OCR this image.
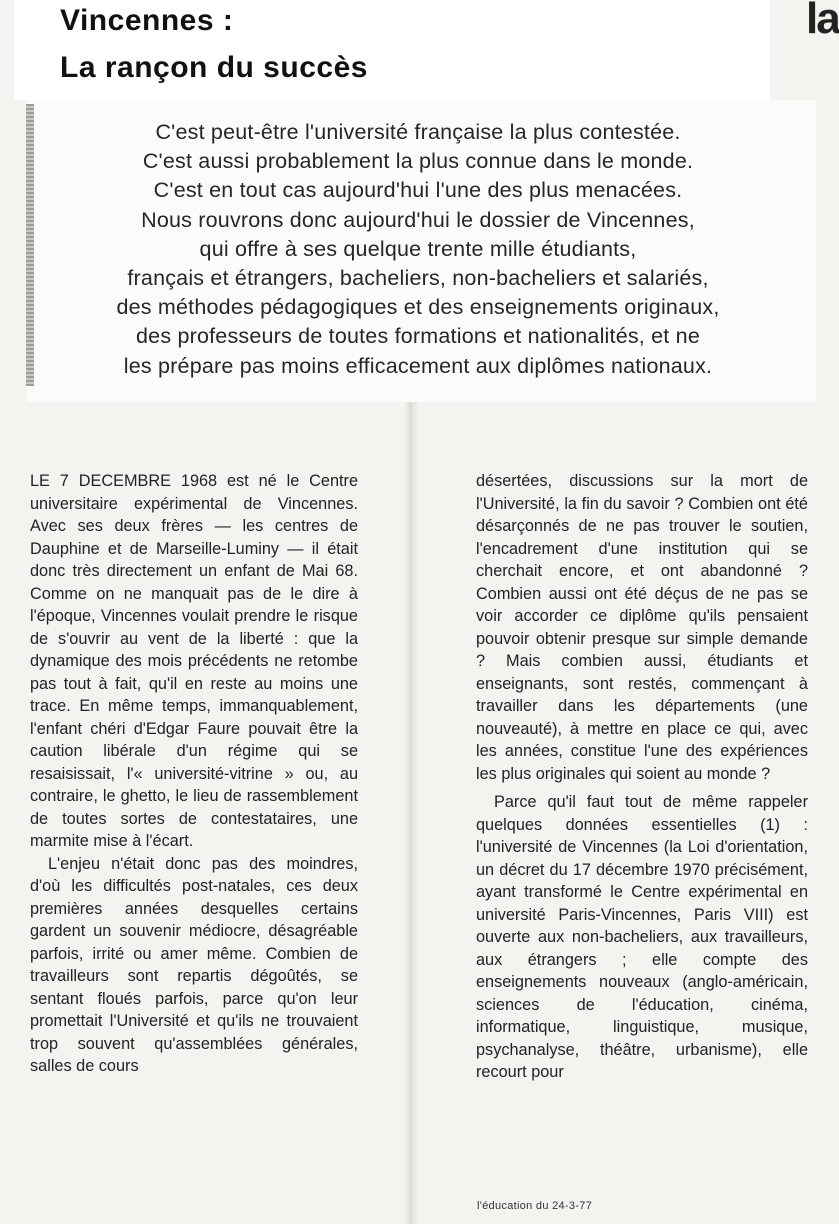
Vincennes :
La rançon du succès
la
C'est peut-être l'université française la plus contestée.
C'est aussi probablement la plus connue dans le monde.
C'est en tout cas aujourd'hui l'une des plus menacées.
Nous rouvrons donc aujourd'hui le dossier de Vincennes,
qui offre à ses quelque trente mille étudiants,
français et étrangers, bacheliers, non-bacheliers et salariés,
des méthodes pédagogiques et des enseignements originaux,
des professeurs de toutes formations et nationalités, et ne
les prépare pas moins efficacement aux diplômes nationaux.

LE 7 DECEMBRE 1968 est né le Centre universitaire expérimental de Vincennes. Avec ses deux frères — les centres de Dauphine et de Marseille-Luminy — il était donc très directement un enfant de Mai 68. Comme on ne manquait pas de le dire à l'époque, Vincennes voulait prendre le risque de s'ouvrir au vent de la liberté : que la dynamique des mois précédents ne retombe pas tout à fait, qu'il en reste au moins une trace. En même temps, immanquablement, l'enfant chéri d'Edgar Faure pouvait être la caution libérale d'un régime qui se resaisissait, l'« université-vitrine » ou, au contraire, le ghetto, le lieu de rassemblement de toutes sortes de contestataires, une marmite mise à l'écart.

L'enjeu n'était donc pas des moindres, d'où les difficultés post-natales, ces deux premières années desquelles certains gardent un souvenir médiocre, désagréable parfois, irrité ou amer même. Combien de travailleurs sont repartis dégoûtés, se sentant floués parfois, parce qu'on leur promettait l'Université et qu'ils ne trouvaient trop souvent qu'assemblées générales, salles de cours

désertées, discussions sur la mort de l'Université, la fin du savoir ? Combien ont été désarçonnés de ne pas trouver le soutien, l'encadrement d'une institution qui se cherchait encore, et ont abandonné ? Combien aussi ont été déçus de ne pas se voir accorder ce diplôme qu'ils pensaient pouvoir obtenir presque sur simple demande ? Mais combien aussi, étudiants et enseignants, sont restés, commençant à travailler dans les départements (une nouveauté), à mettre en place ce qui, avec les années, constitue l'une des expériences les plus originales qui soient au monde ?

Parce qu'il faut tout de même rappeler quelques données essentielles (1) : l'université de Vincennes (la Loi d'orientation, un décret du 17 décembre 1970 précisément, ayant transformé le Centre expérimental en université Paris-Vincennes, Paris VIII) est ouverte aux non-bacheliers, aux travailleurs, aux étrangers ; elle compte des enseignements nouveaux (anglo-américain, sciences de l'éducation, cinéma, informatique, linguistique, musique, psychanalyse, théâtre, urbanisme), elle recourt pour

l'éducation du 24-3-77
